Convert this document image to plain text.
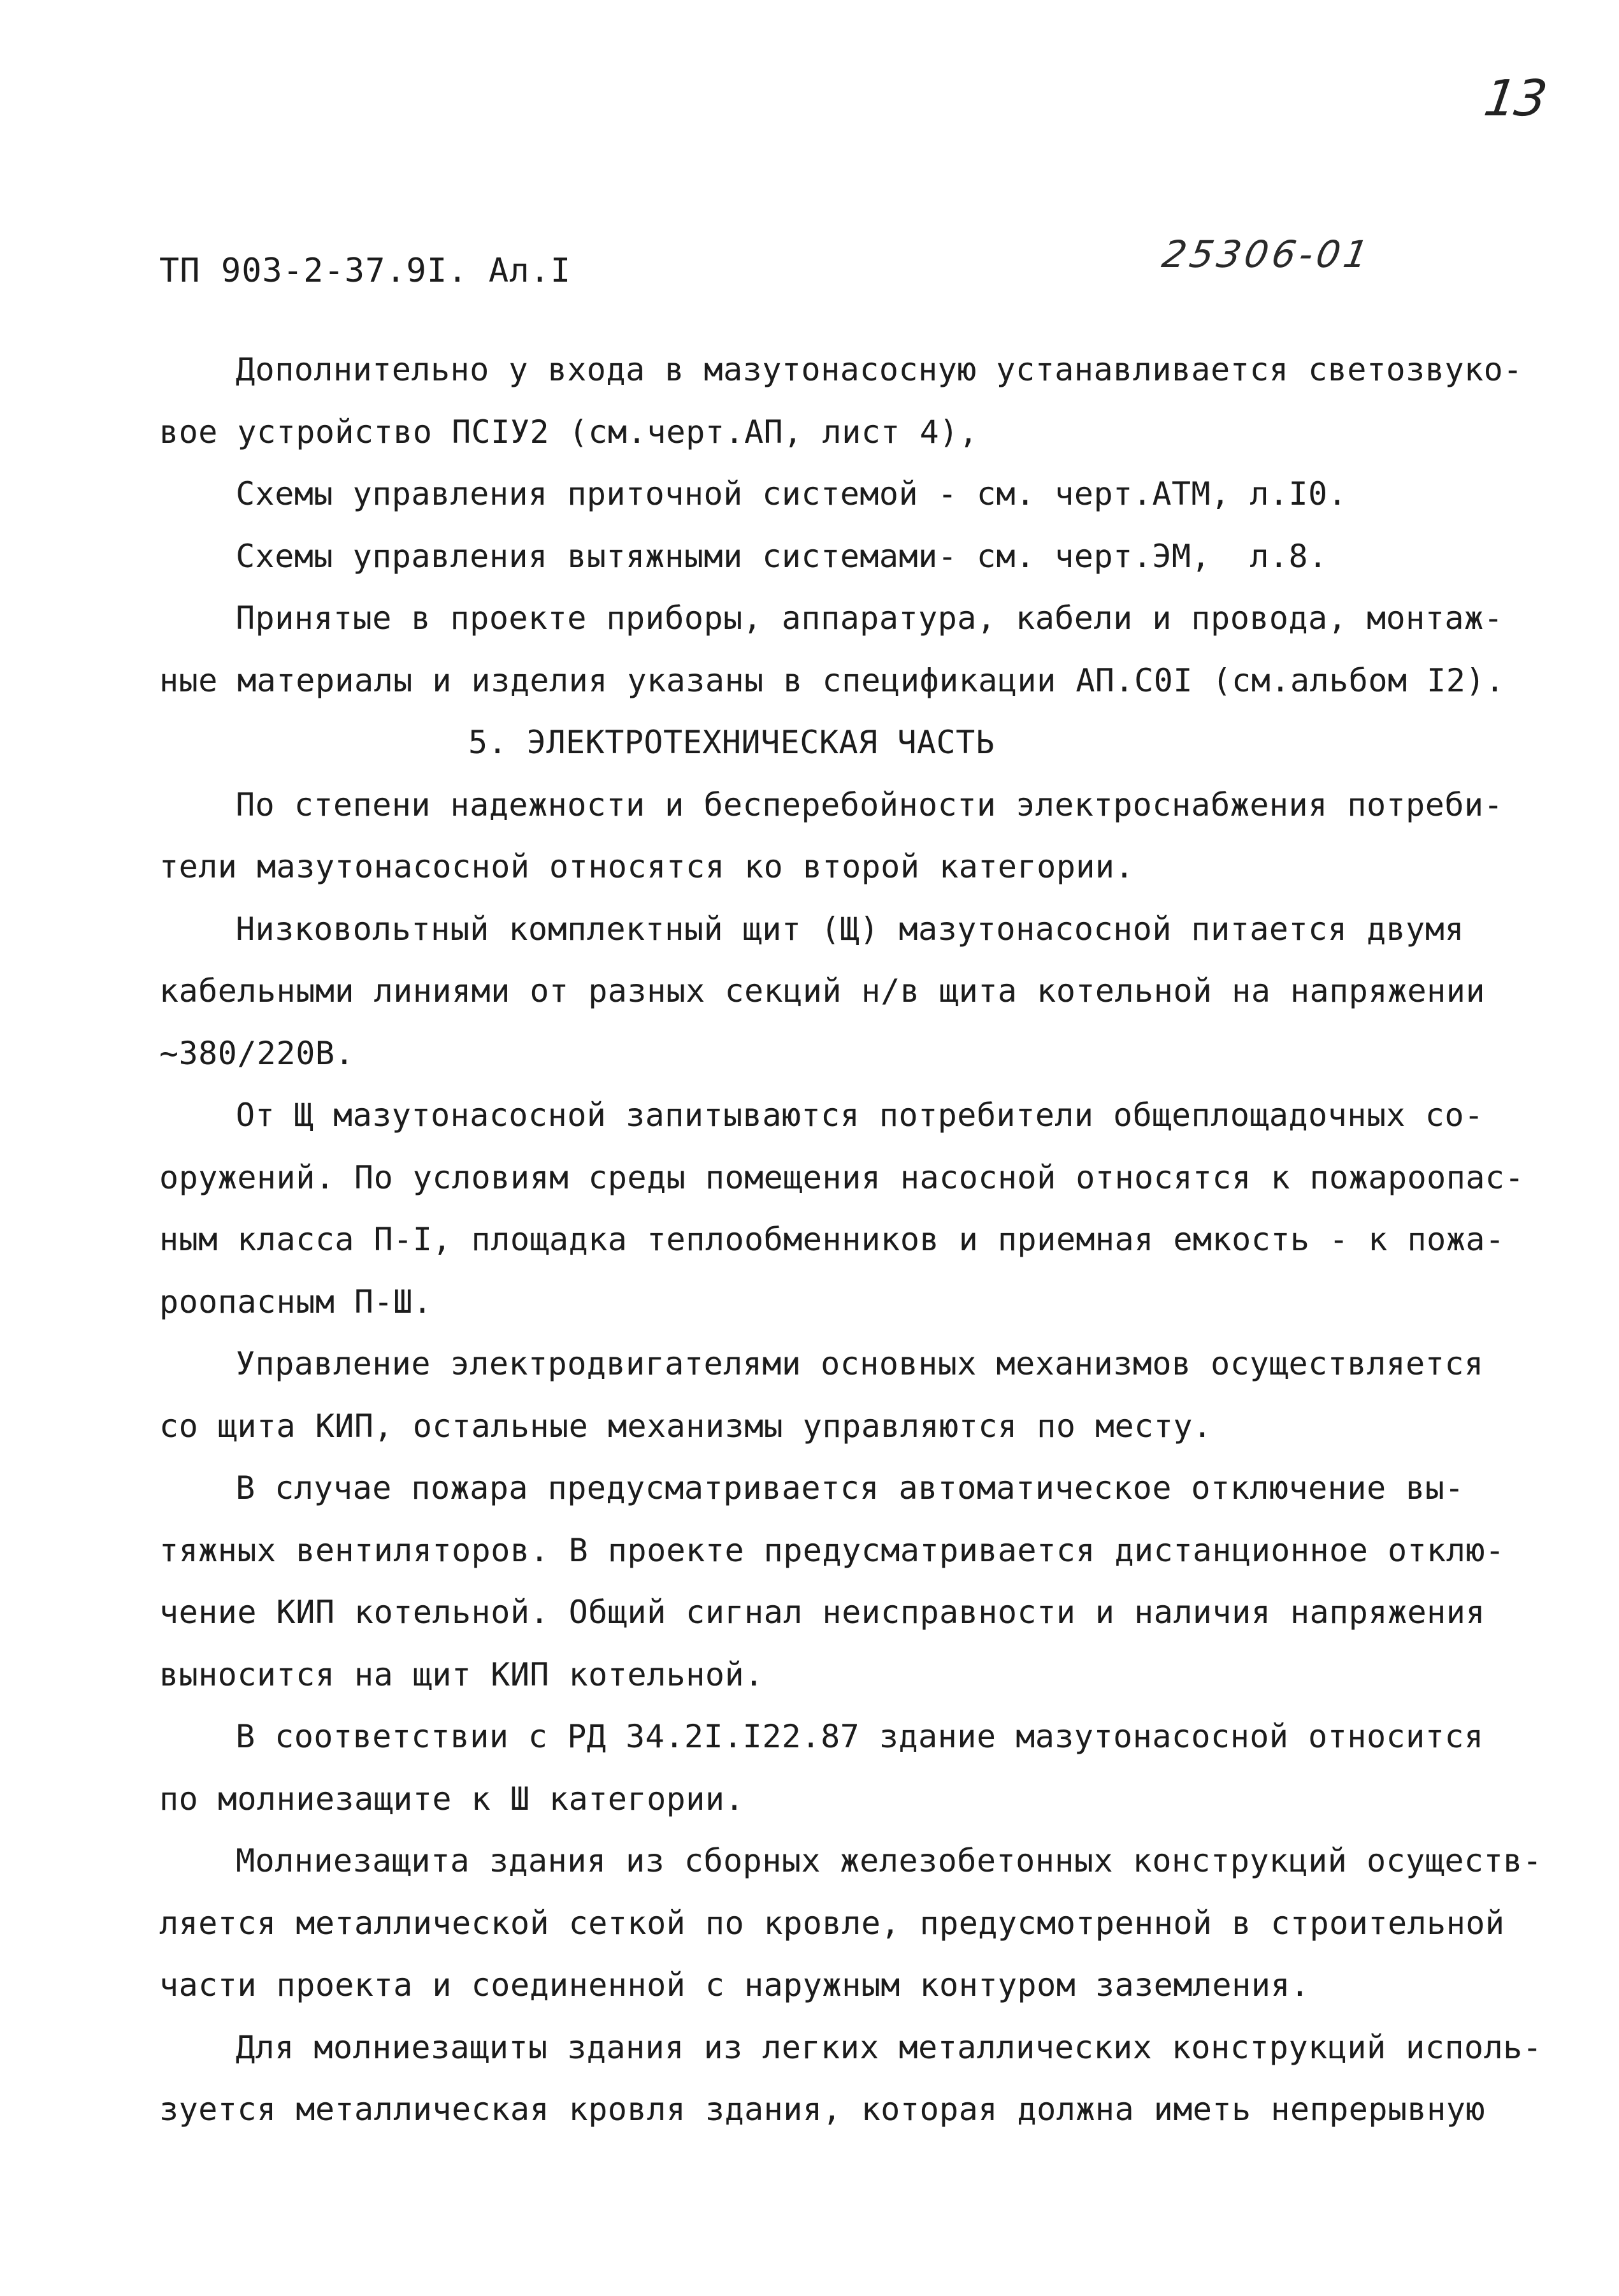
13
ТП 903-2-37.9I. Ал.I	25306-01
Дополнительно у входа в мазутонасосную устанавливается светозвуко-
вое устройство ПСIУ2 (см.черт.АП, лист 4),
Схемы управления приточной системой - см. черт.АТМ, л.I0.
Схемы управления вытяжными системами- см. черт.ЭМ,  л.8.
Принятые в проекте приборы, аппаратура, кабели и провода, монтаж-
ные материалы и изделия указаны в спецификации АП.С0I (см.альбом I2).
5. ЭЛЕКТРОТЕХНИЧЕСКАЯ ЧАСТЬ
По степени надежности и бесперебойности электроснабжения потреби-
тели мазутонасосной относятся ко второй категории.
Низковольтный комплектный щит (Щ) мазутонасосной питается двумя
кабельными линиями от разных секций н/в щита котельной на напряжении
~380/220В.
От Щ мазутонасосной запитываются потребители общеплощадочных со-
оружений. По условиям среды помещения насосной относятся к пожароопас-
ным класса П-I, площадка теплообменников и приемная емкость - к пожа-
роопасным П-Ш.
Управление электродвигателями основных механизмов осуществляется
со щита КИП, остальные механизмы управляются по месту.
В случае пожара предусматривается автоматическое отключение вы-
тяжных вентиляторов. В проекте предусматривается дистанционное отклю-
чение КИП котельной. Общий сигнал неисправности и наличия напряжения
выносится на щит КИП котельной.
В соответствии с РД 34.2I.I22.87 здание мазутонасосной относится
по молниезащите к Ш категории.
Молниезащита здания из сборных железобетонных конструкций осуществ-
ляется металлической сеткой по кровле, предусмотренной в строительной
части проекта и соединенной с наружным контуром заземления.
Для молниезащиты здания из легких металлических конструкций исполь-
зуется металлическая кровля здания, которая должна иметь непрерывную
